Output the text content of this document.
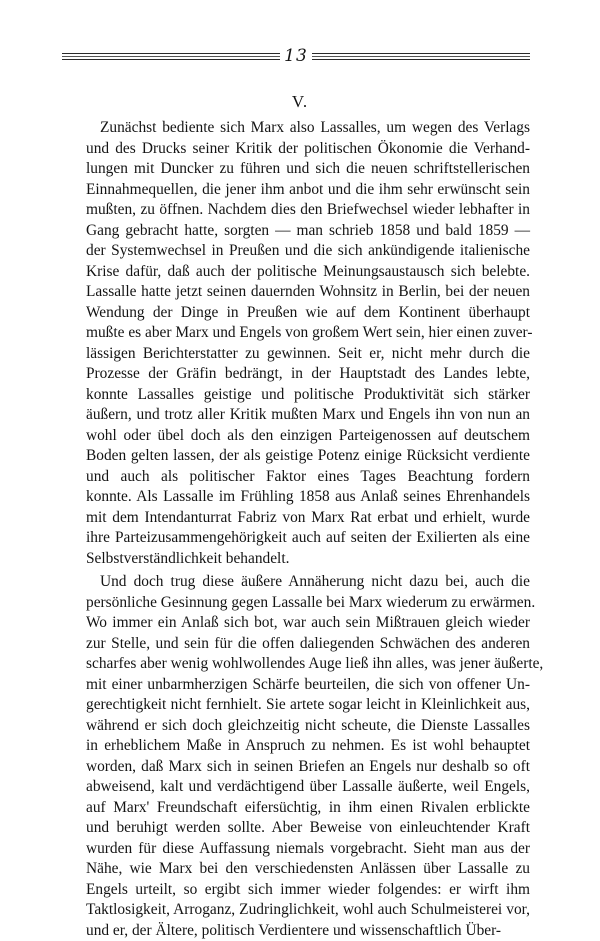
13
V.
Zunächst bediente sich Marx also Lassalles, um wegen des Verlags
und des Drucks seiner Kritik der politischen Ökonomie die Verhand-
lungen mit Duncker zu führen und sich die neuen schriftstellerischen
Einnahmequellen, die jener ihm anbot und die ihm sehr erwünscht sein
mußten, zu öffnen. Nachdem dies den Briefwechsel wieder lebhafter in
Gang gebracht hatte, sorgten — man schrieb 1858 und bald 1859 —
der Systemwechsel in Preußen und die sich ankündigende italienische
Krise dafür, daß auch der politische Meinungsaustausch sich belebte.
Lassalle hatte jetzt seinen dauernden Wohnsitz in Berlin, bei der neuen
Wendung der Dinge in Preußen wie auf dem Kontinent überhaupt
mußte es aber Marx und Engels von großem Wert sein, hier einen zuver-
lässigen Berichterstatter zu gewinnen. Seit er, nicht mehr durch die
Prozesse der Gräfin bedrängt, in der Hauptstadt des Landes lebte,
konnte Lassalles geistige und politische Produktivität sich stärker
äußern, und trotz aller Kritik mußten Marx und Engels ihn von nun an
wohl oder übel doch als den einzigen Parteigenossen auf deutschem
Boden gelten lassen, der als geistige Potenz einige Rücksicht verdiente
und auch als politischer Faktor eines Tages Beachtung fordern
konnte. Als Lassalle im Frühling 1858 aus Anlaß seines Ehrenhandels
mit dem Intendanturrat Fabriz von Marx Rat erbat und erhielt, wurde
ihre Parteizusammengehörigkeit auch auf seiten der Exilierten als eine
Selbstverständlichkeit behandelt.
Und doch trug diese äußere Annäherung nicht dazu bei, auch die
persönliche Gesinnung gegen Lassalle bei Marx wiederum zu erwärmen.
Wo immer ein Anlaß sich bot, war auch sein Mißtrauen gleich wieder
zur Stelle, und sein für die offen daliegenden Schwächen des anderen
scharfes aber wenig wohlwollendes Auge ließ ihn alles, was jener äußerte,
mit einer unbarmherzigen Schärfe beurteilen, die sich von offener Un-
gerechtigkeit nicht fernhielt. Sie artete sogar leicht in Kleinlichkeit aus,
während er sich doch gleichzeitig nicht scheute, die Dienste Lassalles
in erheblichem Maße in Anspruch zu nehmen. Es ist wohl behauptet
worden, daß Marx sich in seinen Briefen an Engels nur deshalb so oft
abweisend, kalt und verdächtigend über Lassalle äußerte, weil Engels,
auf Marx' Freundschaft eifersüchtig, in ihm einen Rivalen erblickte
und beruhigt werden sollte. Aber Beweise von einleuchtender Kraft
wurden für diese Auffassung niemals vorgebracht. Sieht man aus der
Nähe, wie Marx bei den verschiedensten Anlässen über Lassalle zu
Engels urteilt, so ergibt sich immer wieder folgendes: er wirft ihm
Taktlosigkeit, Arroganz, Zudringlichkeit, wohl auch Schulmeisterei vor,
und er, der Ältere, politisch Verdientere und wissenschaftlich Über-
